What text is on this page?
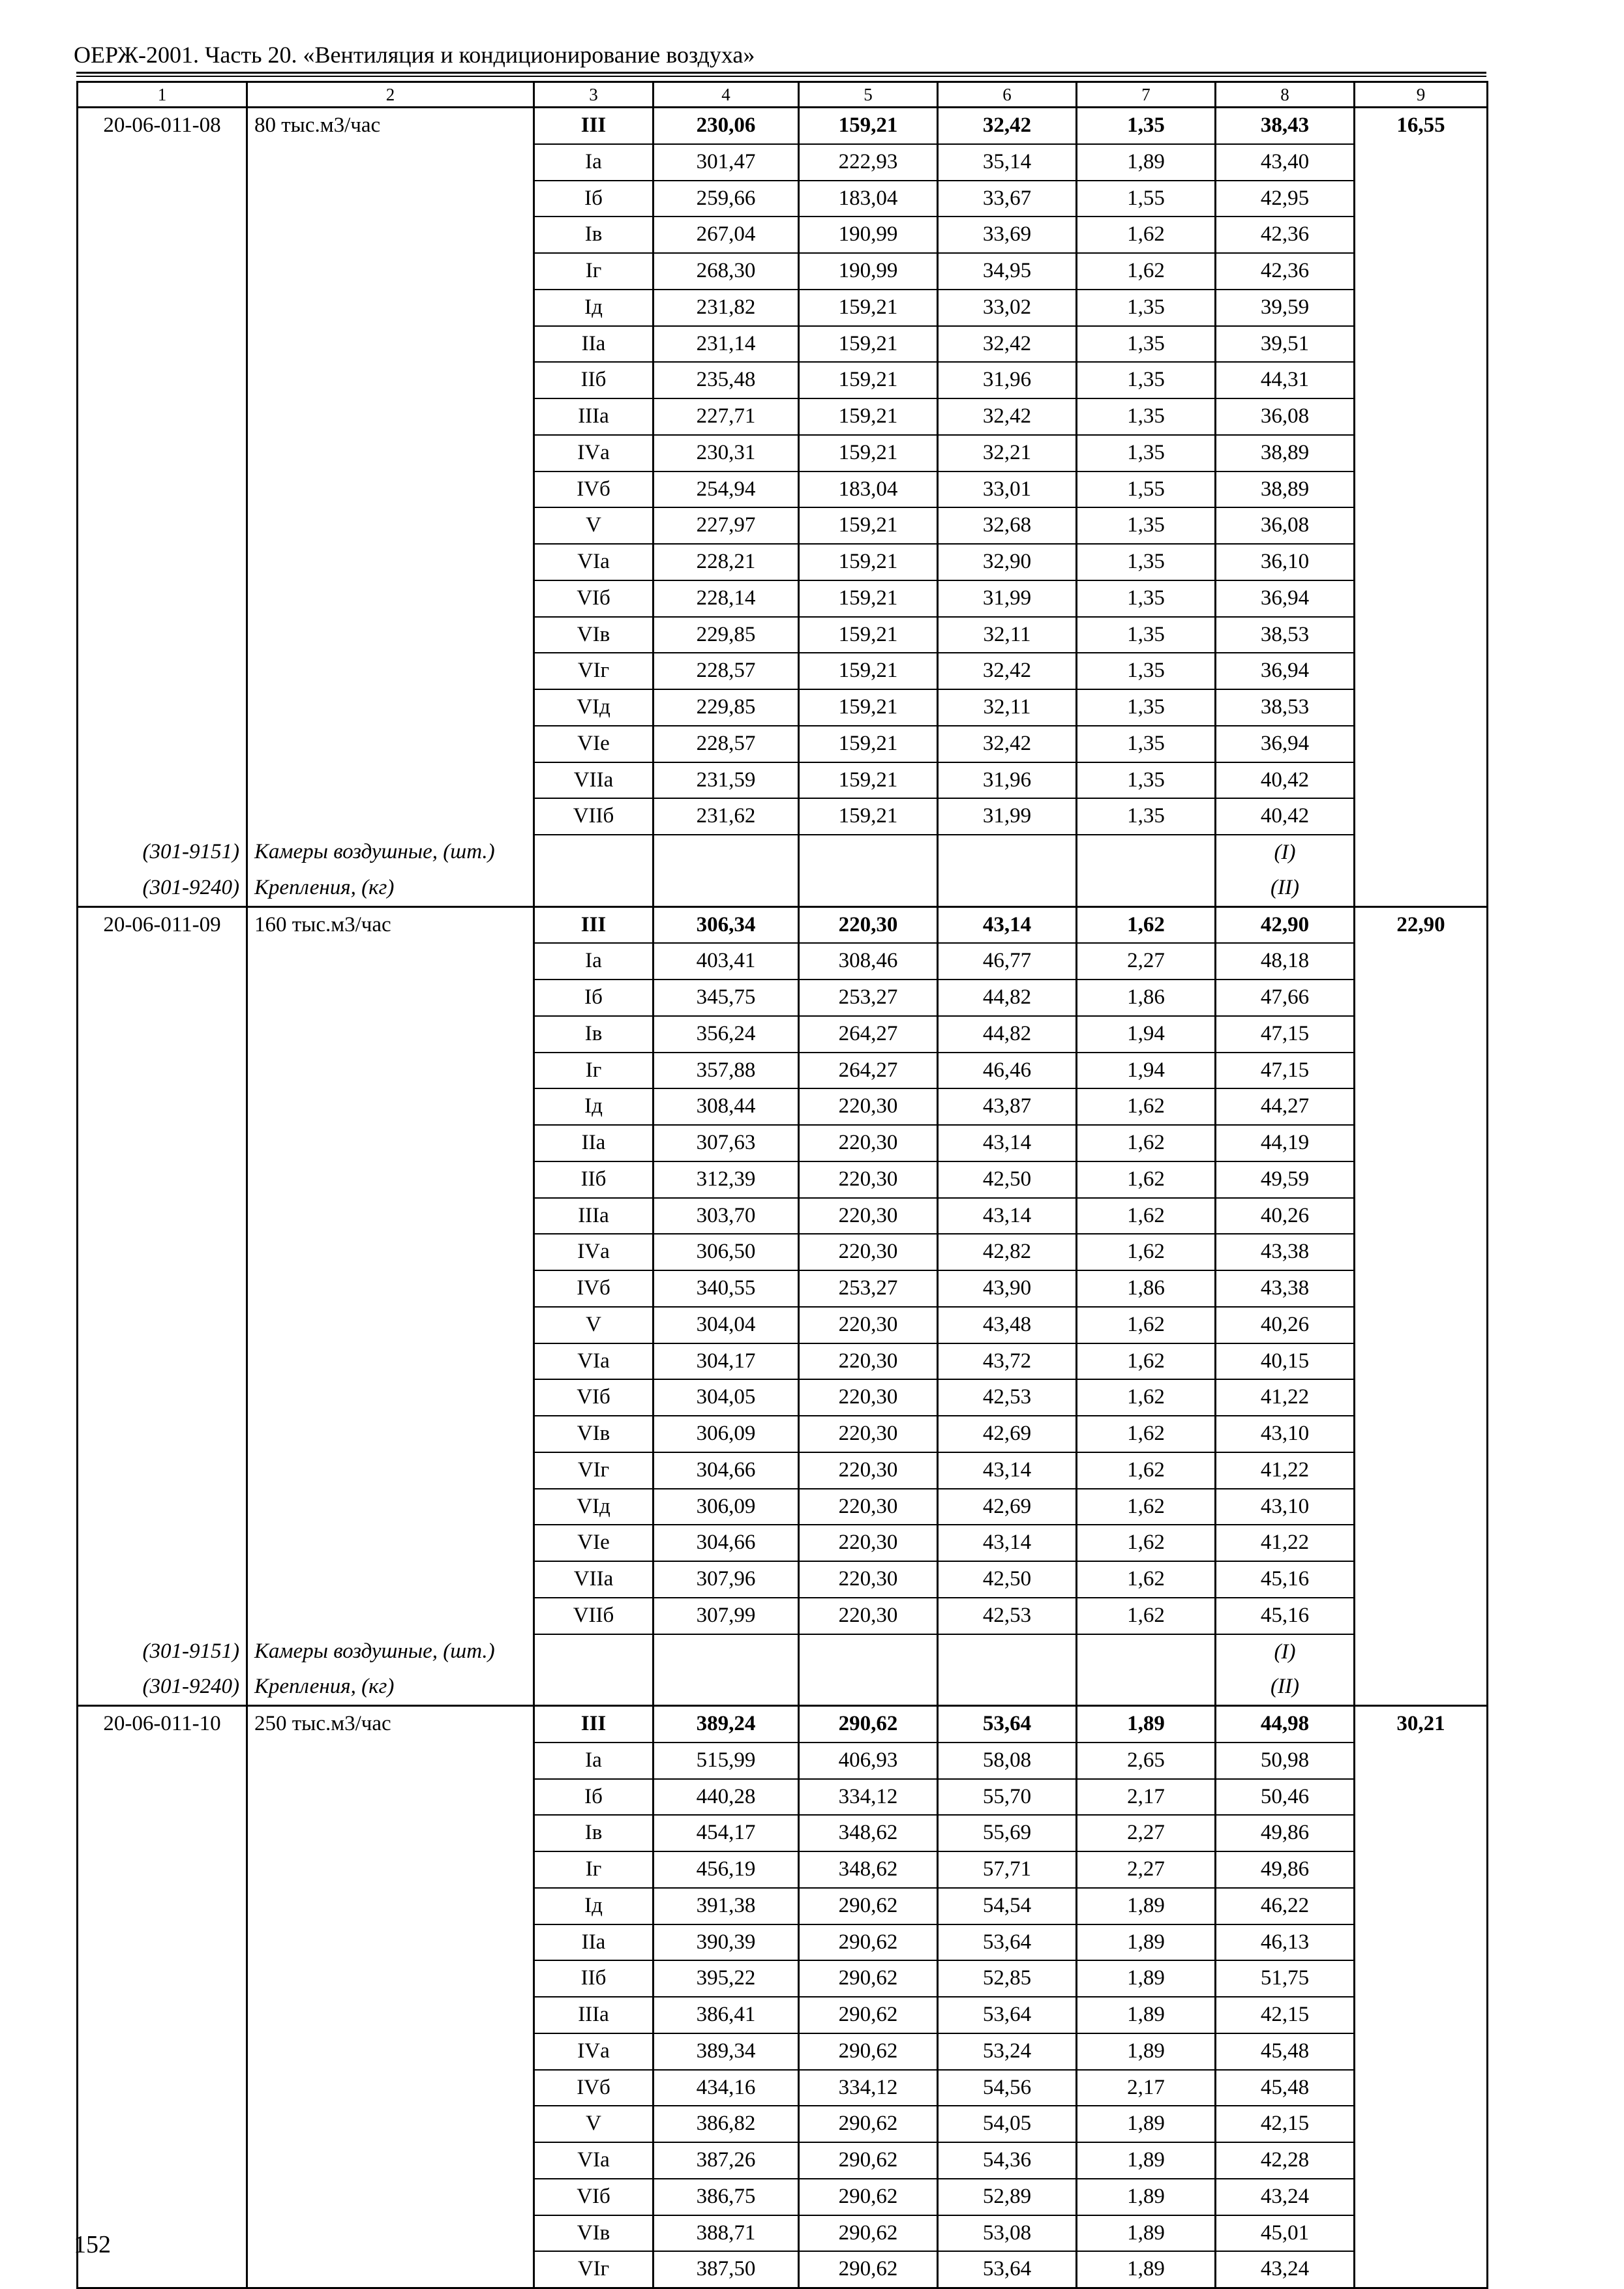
ОЕРЖ-2001. Часть 20. «Вентиляция и кондиционирование воздуха»
1	2	3	4	5	6	7	8	9
20-06-011-08	80 тыс.м3/час	III	230,06	159,21	32,42	1,35	38,43	16,55
		Iа	301,47	222,93	35,14	1,89	43,40	
		Iб	259,66	183,04	33,67	1,55	42,95	
		Iв	267,04	190,99	33,69	1,62	42,36	
		Iг	268,30	190,99	34,95	1,62	42,36	
		Iд	231,82	159,21	33,02	1,35	39,59	
		IIа	231,14	159,21	32,42	1,35	39,51	
		IIб	235,48	159,21	31,96	1,35	44,31	
		IIIа	227,71	159,21	32,42	1,35	36,08	
		IVа	230,31	159,21	32,21	1,35	38,89	
		IVб	254,94	183,04	33,01	1,55	38,89	
		V	227,97	159,21	32,68	1,35	36,08	
		VIа	228,21	159,21	32,90	1,35	36,10	
		VIб	228,14	159,21	31,99	1,35	36,94	
		VIв	229,85	159,21	32,11	1,35	38,53	
		VIг	228,57	159,21	32,42	1,35	36,94	
		VIд	229,85	159,21	32,11	1,35	38,53	
		VIе	228,57	159,21	32,42	1,35	36,94	
		VIIа	231,59	159,21	31,96	1,35	40,42	
		VIIб	231,62	159,21	31,99	1,35	40,42	
(301-9151)	Камеры воздушные, (шт.)						(I)	
(301-9240)	Крепления, (кг)						(II)	
20-06-011-09	160 тыс.м3/час	III	306,34	220,30	43,14	1,62	42,90	22,90
		Iа	403,41	308,46	46,77	2,27	48,18	
		Iб	345,75	253,27	44,82	1,86	47,66	
		Iв	356,24	264,27	44,82	1,94	47,15	
		Iг	357,88	264,27	46,46	1,94	47,15	
		Iд	308,44	220,30	43,87	1,62	44,27	
		IIа	307,63	220,30	43,14	1,62	44,19	
		IIб	312,39	220,30	42,50	1,62	49,59	
		IIIа	303,70	220,30	43,14	1,62	40,26	
		IVа	306,50	220,30	42,82	1,62	43,38	
		IVб	340,55	253,27	43,90	1,86	43,38	
		V	304,04	220,30	43,48	1,62	40,26	
		VIа	304,17	220,30	43,72	1,62	40,15	
		VIб	304,05	220,30	42,53	1,62	41,22	
		VIв	306,09	220,30	42,69	1,62	43,10	
		VIг	304,66	220,30	43,14	1,62	41,22	
		VIд	306,09	220,30	42,69	1,62	43,10	
		VIе	304,66	220,30	43,14	1,62	41,22	
		VIIа	307,96	220,30	42,50	1,62	45,16	
		VIIб	307,99	220,30	42,53	1,62	45,16	
(301-9151)	Камеры воздушные, (шт.)						(I)	
(301-9240)	Крепления, (кг)						(II)	
20-06-011-10	250 тыс.м3/час	III	389,24	290,62	53,64	1,89	44,98	30,21
		Iа	515,99	406,93	58,08	2,65	50,98	
		Iб	440,28	334,12	55,70	2,17	50,46	
		Iв	454,17	348,62	55,69	2,27	49,86	
		Iг	456,19	348,62	57,71	2,27	49,86	
		Iд	391,38	290,62	54,54	1,89	46,22	
		IIа	390,39	290,62	53,64	1,89	46,13	
		IIб	395,22	290,62	52,85	1,89	51,75	
		IIIа	386,41	290,62	53,64	1,89	42,15	
		IVа	389,34	290,62	53,24	1,89	45,48	
		IVб	434,16	334,12	54,56	2,17	45,48	
		V	386,82	290,62	54,05	1,89	42,15	
		VIа	387,26	290,62	54,36	1,89	42,28	
		VIб	386,75	290,62	52,89	1,89	43,24	
		VIв	388,71	290,62	53,08	1,89	45,01	
		VIг	387,50	290,62	53,64	1,89	43,24	
152
